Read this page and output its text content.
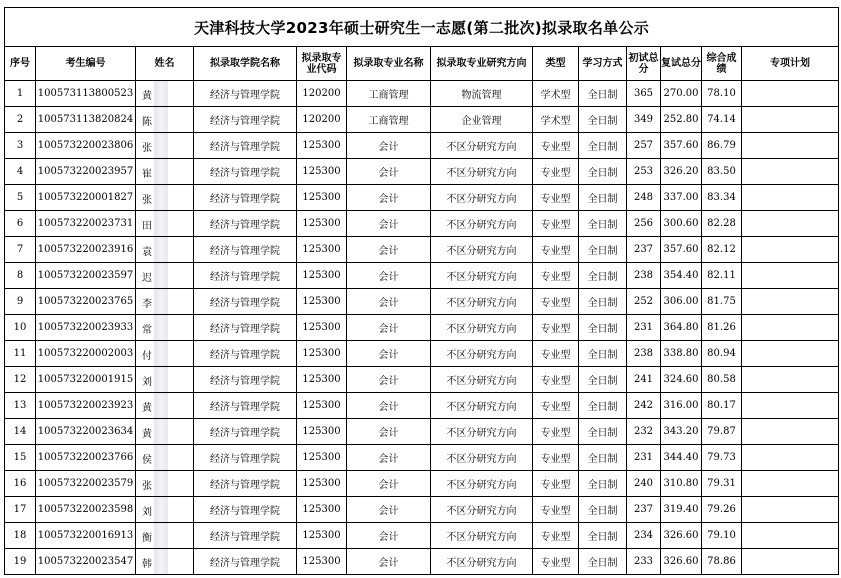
天津科技大学2023年硕士研究生一志愿(第二批次)拟录取名单公示												
序号	考生编号	姓名	拟录取学院名称	拟录取专业代码	拟录取专业名称	拟录取专业研究方向	类型	学习方式	初试总分	复试总分	综合成绩	专项计划
1	100573113800523	黄	经济与管理学院	120200	工商管理	物流管理	学术型	全日制	365	270.00	78.10	
2	100573113820824	陈	经济与管理学院	120200	工商管理	企业管理	学术型	全日制	349	252.80	74.14	
3	100573220023806	张	经济与管理学院	125300	会计	不区分研究方向	专业型	全日制	257	357.60	86.79	
4	100573220023957	崔	经济与管理学院	125300	会计	不区分研究方向	专业型	全日制	253	326.20	83.50	
5	100573220001827	张	经济与管理学院	125300	会计	不区分研究方向	专业型	全日制	248	337.00	83.34	
6	100573220023731	田	经济与管理学院	125300	会计	不区分研究方向	专业型	全日制	256	300.60	82.28	
7	100573220023916	袁	经济与管理学院	125300	会计	不区分研究方向	专业型	全日制	237	357.60	82.12	
8	100573220023597	迟	经济与管理学院	125300	会计	不区分研究方向	专业型	全日制	238	354.40	82.11	
9	100573220023765	李	经济与管理学院	125300	会计	不区分研究方向	专业型	全日制	252	306.00	81.75	
10	100573220023933	常	经济与管理学院	125300	会计	不区分研究方向	专业型	全日制	231	364.80	81.26	
11	100573220002003	付	经济与管理学院	125300	会计	不区分研究方向	专业型	全日制	238	338.80	80.94	
12	100573220001915	刘	经济与管理学院	125300	会计	不区分研究方向	专业型	全日制	241	324.60	80.58	
13	100573220023923	黄	经济与管理学院	125300	会计	不区分研究方向	专业型	全日制	242	316.00	80.17	
14	100573220023634	黄	经济与管理学院	125300	会计	不区分研究方向	专业型	全日制	232	343.20	79.87	
15	100573220023766	侯	经济与管理学院	125300	会计	不区分研究方向	专业型	全日制	231	344.40	79.73	
16	100573220023579	张	经济与管理学院	125300	会计	不区分研究方向	专业型	全日制	240	310.80	79.31	
17	100573220023598	刘	经济与管理学院	125300	会计	不区分研究方向	专业型	全日制	237	319.40	79.26	
18	100573220016913	衡	经济与管理学院	125300	会计	不区分研究方向	专业型	全日制	234	326.60	79.10	
19	100573220023547	韩	经济与管理学院	125300	会计	不区分研究方向	专业型	全日制	233	326.60	78.86	
